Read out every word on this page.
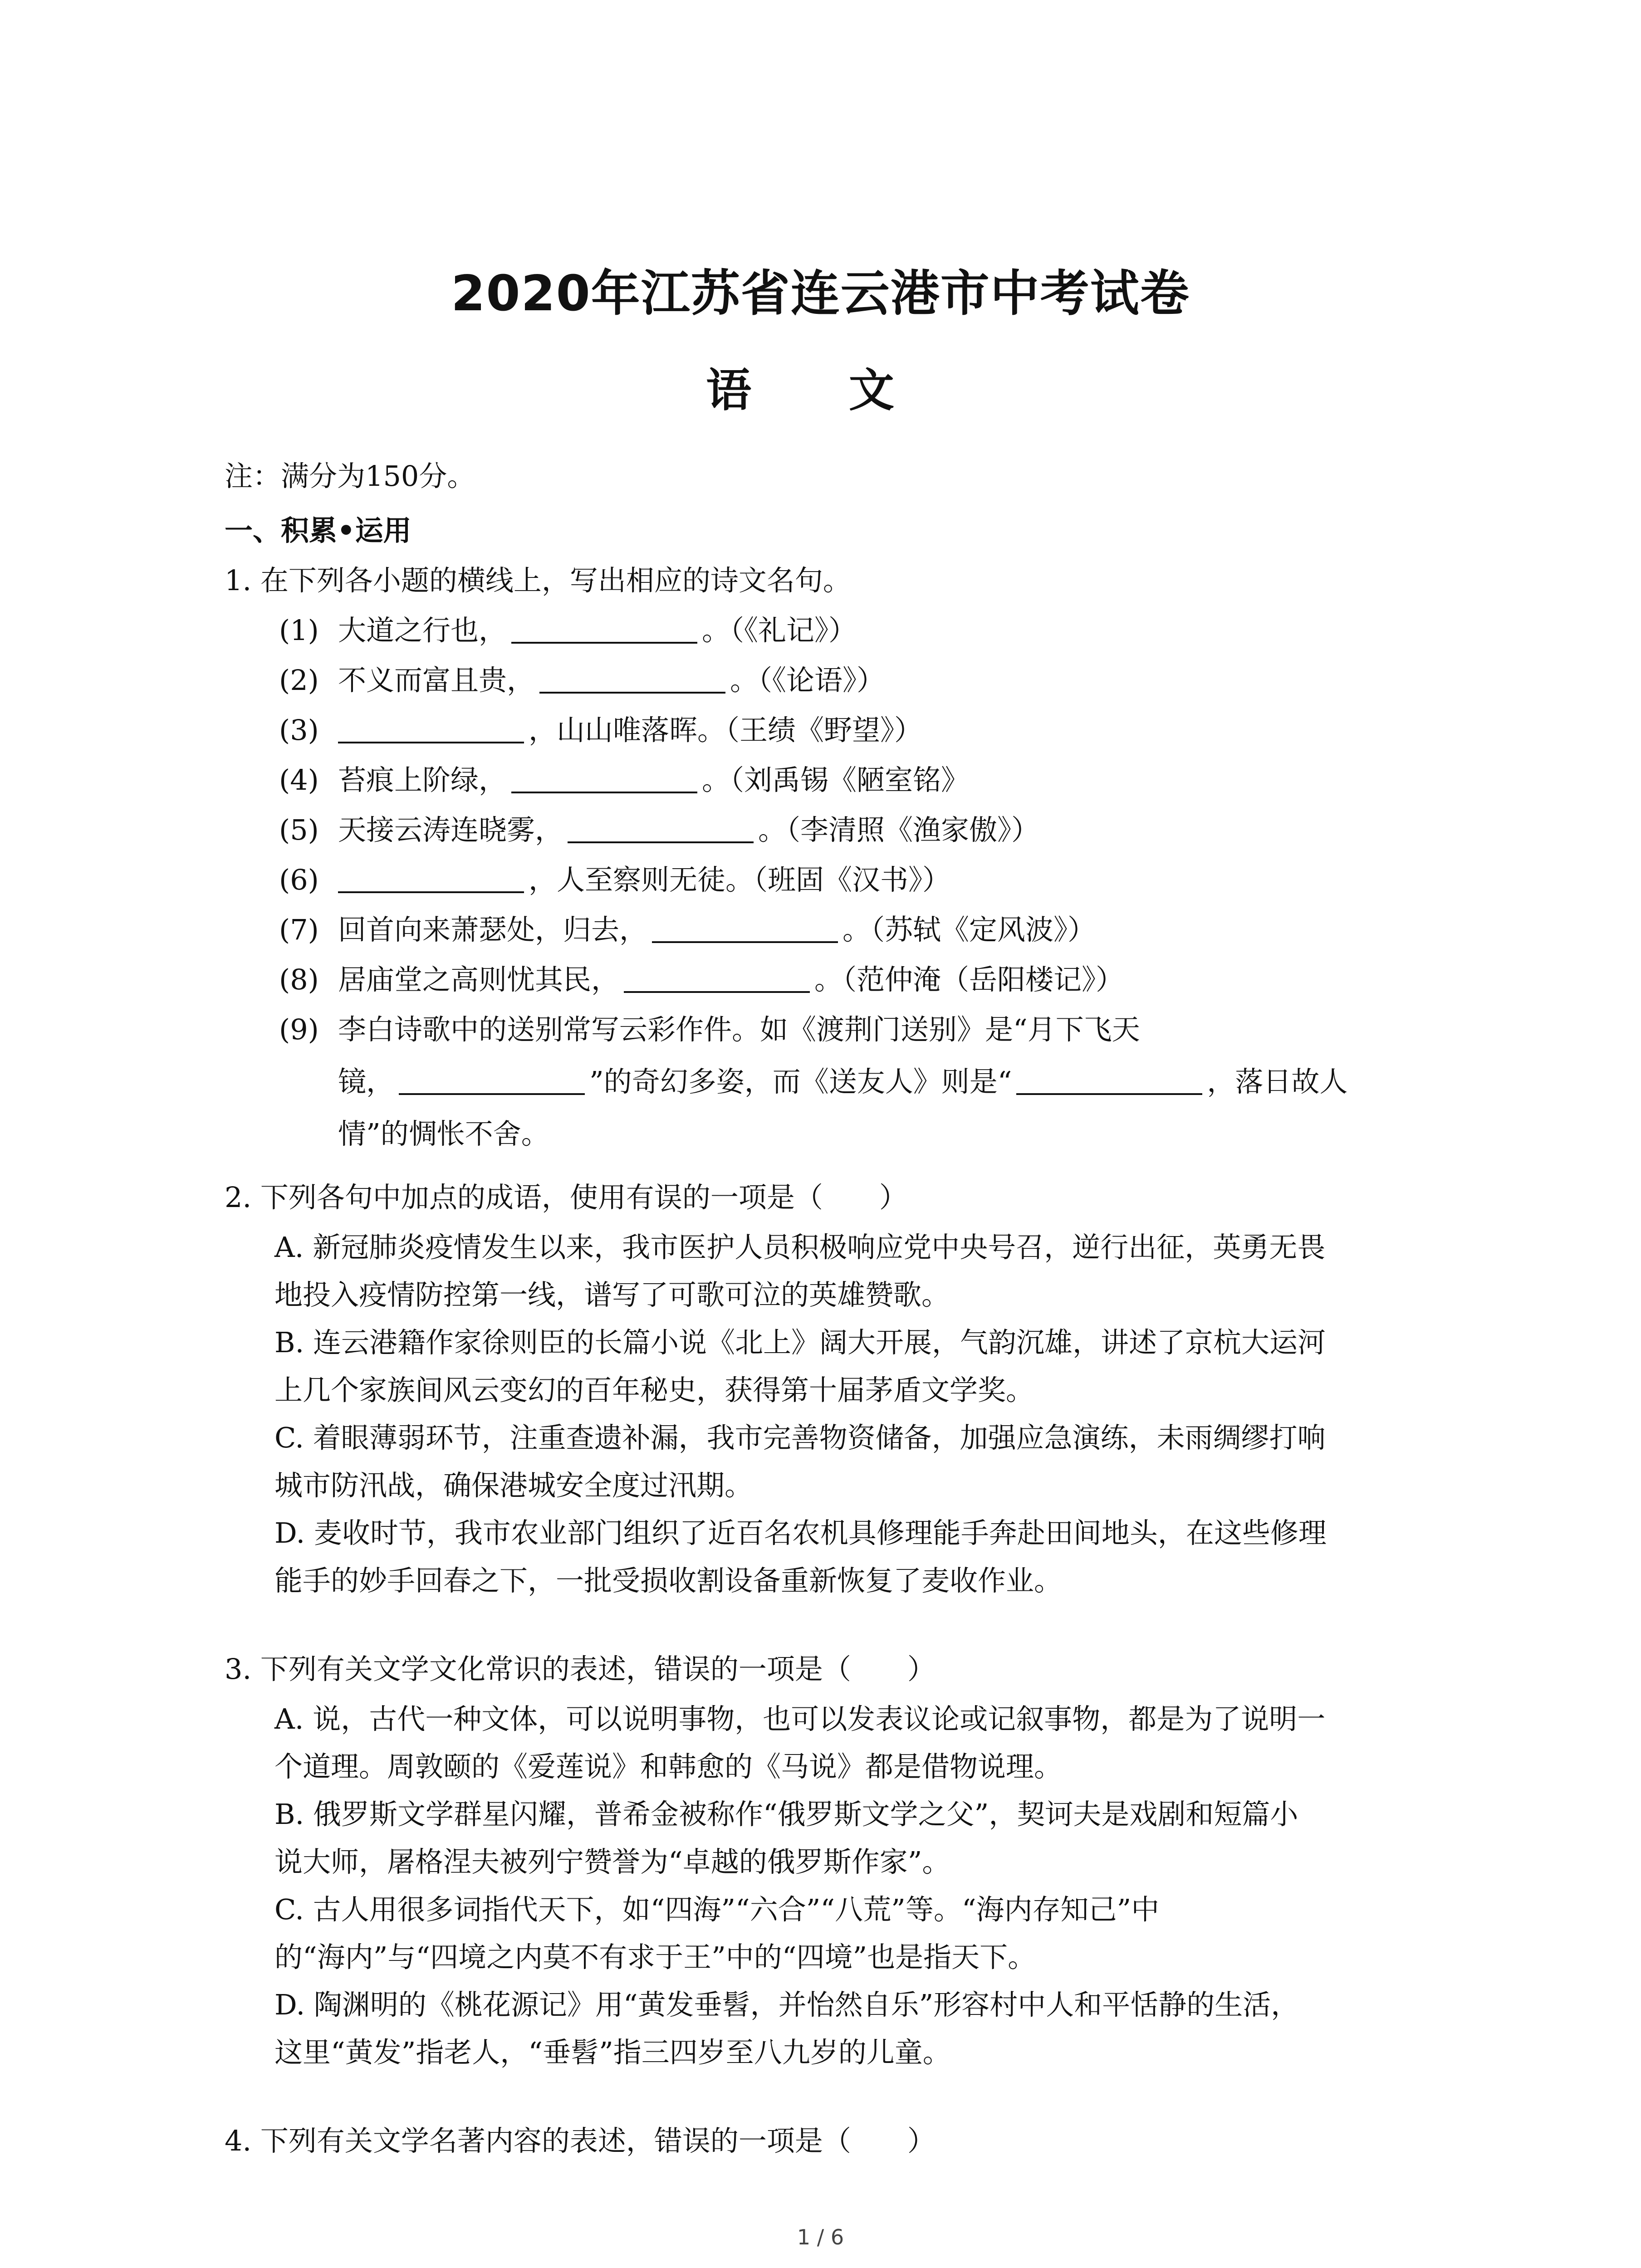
2020年江苏省连云港市中考试卷
语 文
注：满分为150分。
一、积累•运用
1. 在下列各小题的横线上，写出相应的诗文名句。
(1) 大道之行也，	。（《礼记》）
(2) 不义而富且贵，	。（《论语》）
(3)	，山山唯落晖。（王绩《野望》）
(4) 苔痕上阶绿，	。（刘禹锡《陋室铭》
(5) 天接云涛连晓雾，	。（李清照《渔家傲》）
(6)	，人至察则无徒。（班固《汉书》）
(7) 回首向来萧瑟处，归去，	。（苏轼《定风波》）
(8) 居庙堂之高则忧其民，	。（范仲淹（岳阳楼记》）
(9) 李白诗歌中的送别常写云彩作件。如《渡荆门送别》是“月下飞天
镜，	”的奇幻多姿，而《送友人》则是“	，落日故人
情”的惆怅不舍。
2. 下列各句中加点的成语，使用有误的一项是（　　）
A. 新冠肺炎疫情发生以来，我市医护人员积极响应党中央号召，逆行出征，英勇无畏
地投入疫情防控第一线，谱写了可歌可泣的英雄赞歌。
B. 连云港籍作家徐则臣的长篇小说《北上》阔大开展，气韵沉雄，讲述了京杭大运河
上几个家族间风云变幻的百年秘史，获得第十届茅盾文学奖。
C. 着眼薄弱环节，注重查遗补漏，我市完善物资储备，加强应急演练，未雨绸缪打响
城市防汛战，确保港城安全度过汛期。
D. 麦收时节，我市农业部门组织了近百名农机具修理能手奔赴田间地头，在这些修理
能手的妙手回春之下，一批受损收割设备重新恢复了麦收作业。
3. 下列有关文学文化常识的表述，错误的一项是（　　）
A. 说，古代一种文体，可以说明事物，也可以发表议论或记叙事物，都是为了说明一
个道理。周敦颐的《爱莲说》和韩愈的《马说》都是借物说理。
B. 俄罗斯文学群星闪耀，普希金被称作“俄罗斯文学之父”，契诃夫是戏剧和短篇小
说大师，屠格涅夫被列宁赞誉为“卓越的俄罗斯作家”。
C. 古人用很多词指代天下，如“四海”“六合”“八荒”等。“海内存知己”中
的“海内”与“四境之内莫不有求于王”中的“四境”也是指天下。
D. 陶渊明的《桃花源记》用“黄发垂髫，并怡然自乐”形容村中人和平恬静的生活，
这里“黄发”指老人，“垂髫”指三四岁至八九岁的儿童。
4. 下列有关文学名著内容的表述，错误的一项是（　　）
1 / 6
